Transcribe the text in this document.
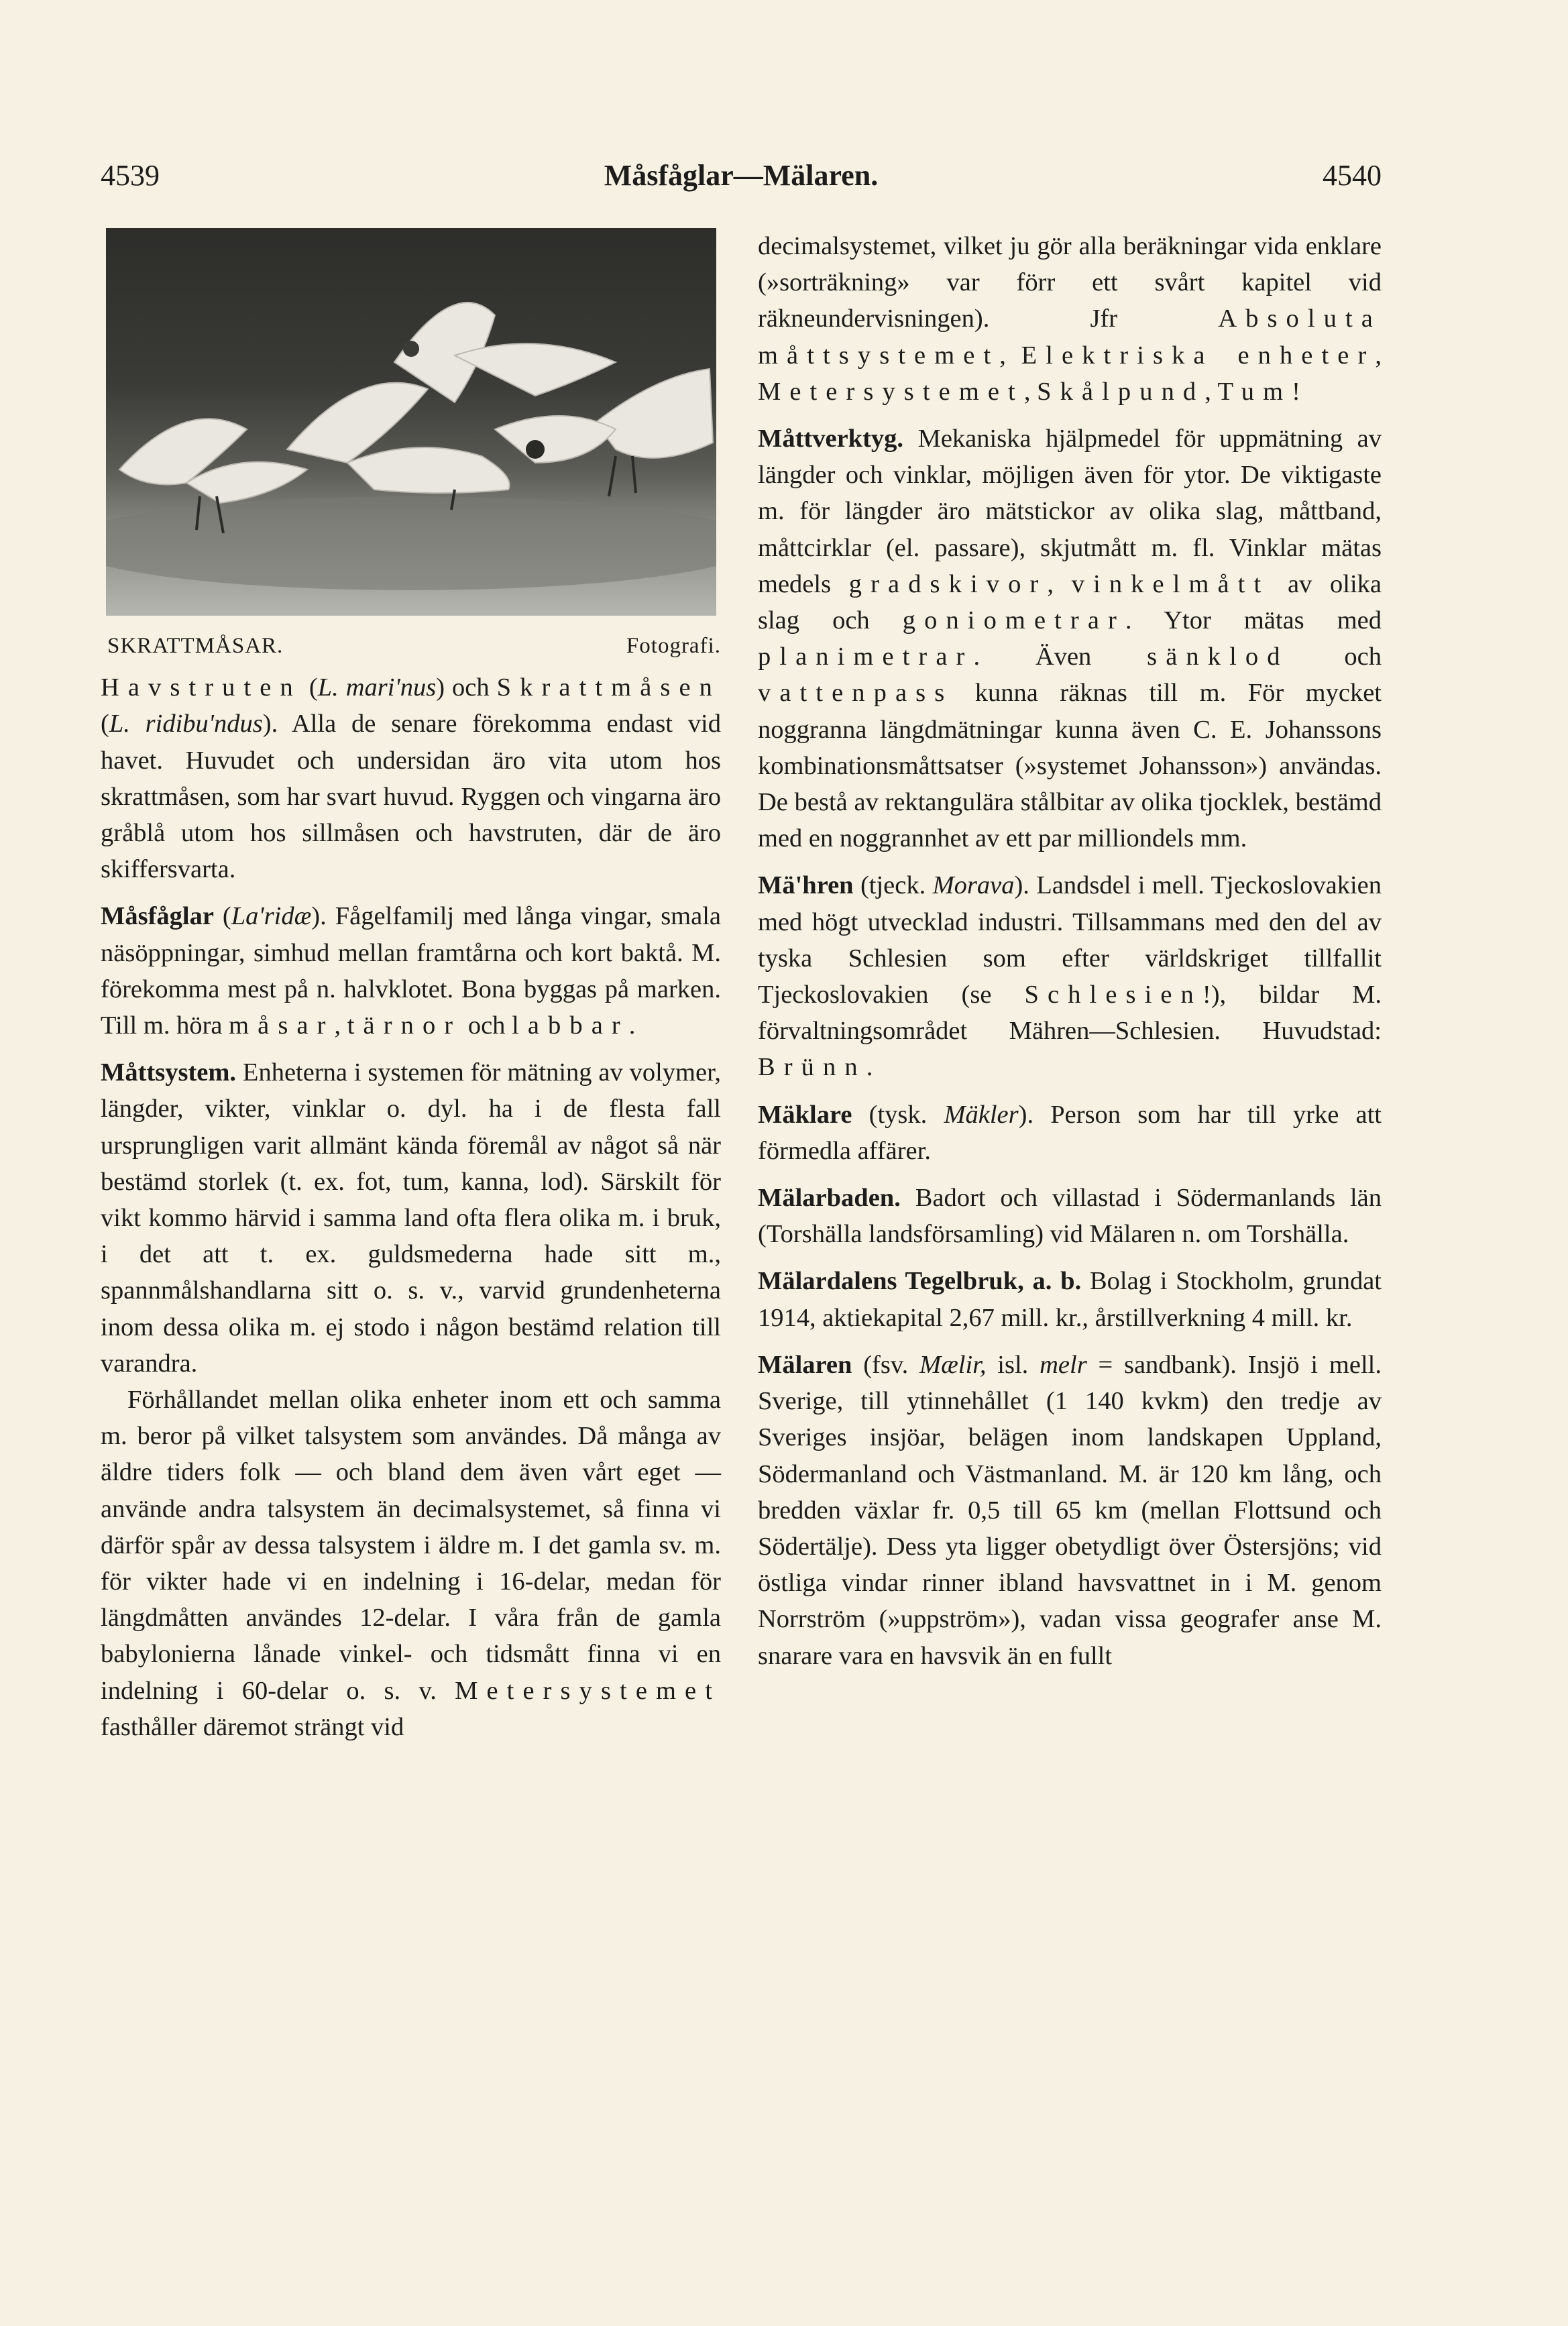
4539	Måsfåglar—Mälaren.	4540
SKRATTMÅSAR.	Fotografi.

Havstruten (L. mari'nus) och Skrattmåsen (L. ridibu'ndus). Alla de senare förekomma endast vid havet. Huvudet och undersidan äro vita utom hos skrattmåsen, som har svart huvud. Ryggen och vingarna äro gråblå utom hos sillmåsen och havstruten, där de äro skiffersvarta.

Måsfåglar (La'ridæ). Fågelfamilj med långa vingar, smala näsöppningar, simhud mellan framtårna och kort baktå. M. förekomma mest på n. halvklotet. Bona byggas på marken. Till m. höra måsar, tärnor och labbar.

Måttsystem. Enheterna i systemen för mätning av volymer, längder, vikter, vinklar o. dyl. ha i de flesta fall ursprungligen varit allmänt kända föremål av något så när bestämd storlek (t. ex. fot, tum, kanna, lod). Särskilt för vikt kommo härvid i samma land ofta flera olika m. i bruk, i det att t. ex. guldsmederna hade sitt m., spannmålshandlarna sitt o. s. v., varvid grundenheterna inom dessa olika m. ej stodo i någon bestämd relation till varandra.

Förhållandet mellan olika enheter inom ett och samma m. beror på vilket talsystem som användes. Då många av äldre tiders folk — och bland dem även vårt eget — använde andra talsystem än decimalsystemet, så finna vi därför spår av dessa talsystem i äldre m. I det gamla sv. m. för vikter hade vi en indelning i 16-delar, medan för längdmåtten användes 12-delar. I våra från de gamla babylonierna lånade vinkel- och tidsmått finna vi en indelning i 60-delar o. s. v. Metersystemet fasthåller däremot strängt vid

decimalsystemet, vilket ju gör alla beräkningar vida enklare (»sorträkning» var förr ett svårt kapitel vid räkneundervisningen). Jfr Absoluta måttsystemet, Elektriska enheter, Metersystemet, Skålpund, Tum!

Måttverktyg. Mekaniska hjälpmedel för uppmätning av längder och vinklar, möjligen även för ytor. De viktigaste m. för längder äro mätstickor av olika slag, måttband, måttcirklar (el. passare), skjutmått m. fl. Vinklar mätas medels gradskivor, vinkelmått av olika slag och goniometrar. Ytor mätas med planimetrar. Även sänklod och vattenpass kunna räknas till m. För mycket noggranna längdmätningar kunna även C. E. Johanssons kombinationsmåttsatser (»systemet Johansson») användas. De bestå av rektangulära stålbitar av olika tjocklek, bestämd med en noggrannhet av ett par milliondels mm.

Mä'hren (tjeck. Morava). Landsdel i mell. Tjeckoslovakien med högt utvecklad industri. Tillsammans med den del av tyska Schlesien som efter världskriget tillfallit Tjeckoslovakien (se Schlesien!), bildar M. förvaltningsområdet Mähren—Schlesien. Huvudstad: Brünn.

Mäklare (tysk. Mäkler). Person som har till yrke att förmedla affärer.

Mälarbaden. Badort och villastad i Södermanlands län (Torshälla landsförsamling) vid Mälaren n. om Torshälla.

Mälardalens Tegelbruk, a. b. Bolag i Stockholm, grundat 1914, aktiekapital 2,67 mill. kr., årstillverkning 4 mill. kr.

Mälaren (fsv. Mælir, isl. melr = sandbank). Insjö i mell. Sverige, till ytinnehållet (1 140 kvkm) den tredje av Sveriges insjöar, belägen inom landskapen Uppland, Södermanland och Västmanland. M. är 120 km lång, och bredden växlar fr. 0,5 till 65 km (mellan Flottsund och Södertälje). Dess yta ligger obetydligt över Östersjöns; vid östliga vindar rinner ibland havsvattnet in i M. genom Norrström (»uppström»), vadan vissa geografer anse M. snarare vara en havsvik än en fullt
